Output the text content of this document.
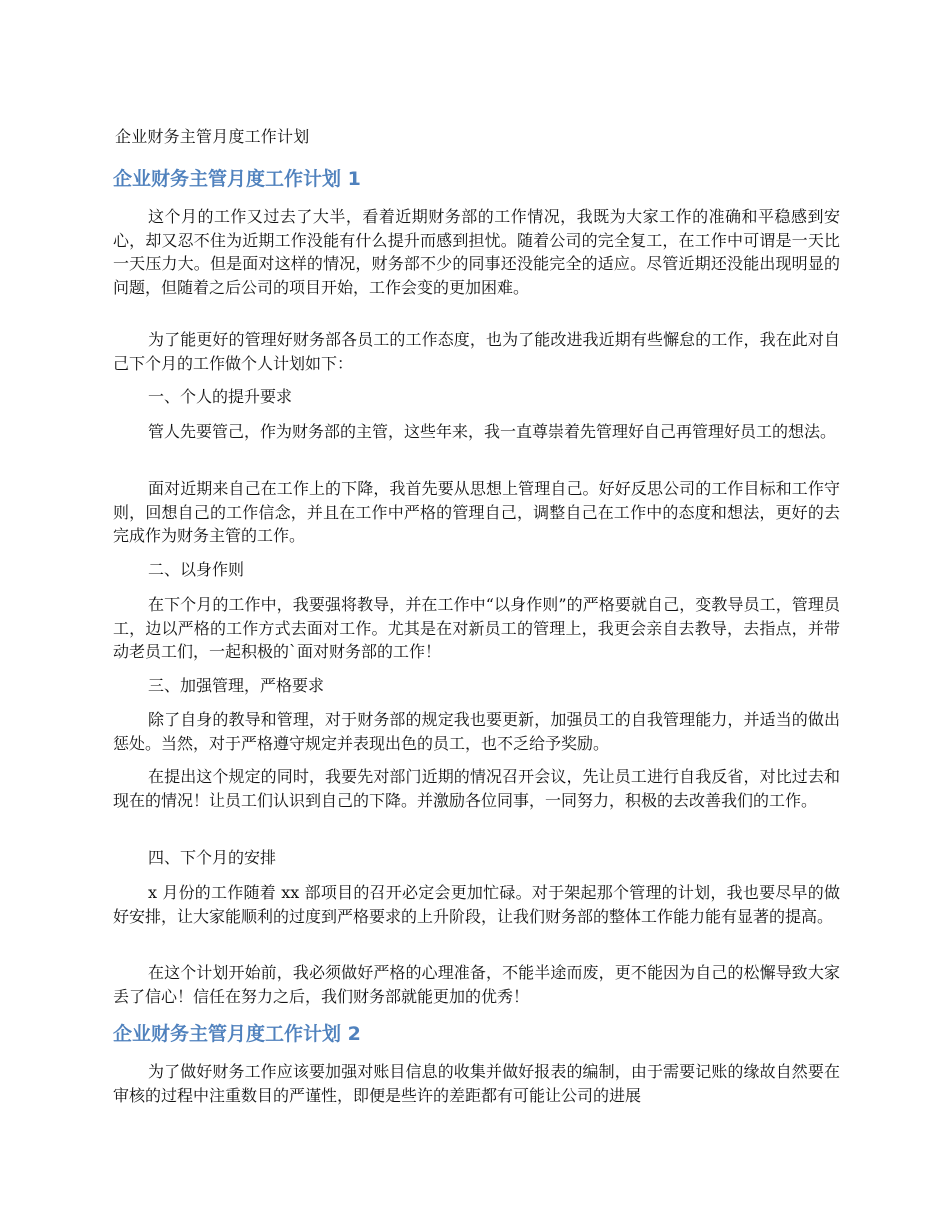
企业财务主管月度工作计划
企业财务主管月度工作计划 1

这个月的工作又过去了大半，看着近期财务部的工作情况，我既为大家工作的准确和平稳感到安心，却又忍不住为近期工作没能有什么提升而感到担忧。随着公司的完全复工，在工作中可谓是一天比一天压力大。但是面对这样的情况，财务部不少的同事还没能完全的适应。尽管近期还没能出现明显的问题，但随着之后公司的项目开始，工作会变的更加困难。

为了能更好的管理好财务部各员工的工作态度，也为了能改进我近期有些懈怠的工作，我在此对自己下个月的工作做个人计划如下：

一、个人的提升要求

管人先要管己，作为财务部的主管，这些年来，我一直尊崇着先管理好自己再管理好员工的想法。

面对近期来自己在工作上的下降，我首先要从思想上管理自己。好好反思公司的工作目标和工作守则，回想自己的工作信念，并且在工作中严格的管理自己，调整自己在工作中的态度和想法，更好的去完成作为财务主管的工作。

二、以身作则

在下个月的工作中，我要强将教导，并在工作中“以身作则”的严格要就自己，变教导员工，管理员工，边以严格的工作方式去面对工作。尤其是在对新员工的管理上，我更会亲自去教导，去指点，并带动老员工们，一起积极的`面对财务部的工作！

三、加强管理，严格要求

除了自身的教导和管理，对于财务部的规定我也要更新，加强员工的自我管理能力，并适当的做出惩处。当然，对于严格遵守规定并表现出色的员工，也不乏给予奖励。

在提出这个规定的同时，我要先对部门近期的情况召开会议，先让员工进行自我反省，对比过去和现在的情况！让员工们认识到自己的下降。并激励各位同事，一同努力，积极的去改善我们的工作。

四、下个月的安排

x 月份的工作随着 xx 部项目的召开必定会更加忙碌。对于架起那个管理的计划，我也要尽早的做好安排，让大家能顺利的过度到严格要求的上升阶段，让我们财务部的整体工作能力能有显著的提高。

在这个计划开始前，我必须做好严格的心理准备，不能半途而废，更不能因为自己的松懈导致大家丢了信心！信任在努力之后，我们财务部就能更加的优秀！

企业财务主管月度工作计划 2

为了做好财务工作应该要加强对账目信息的收集并做好报表的编制，由于需要记账的缘故自然要在审核的过程中注重数目的严谨性，即便是些许的差距都有可能让公司的进展
